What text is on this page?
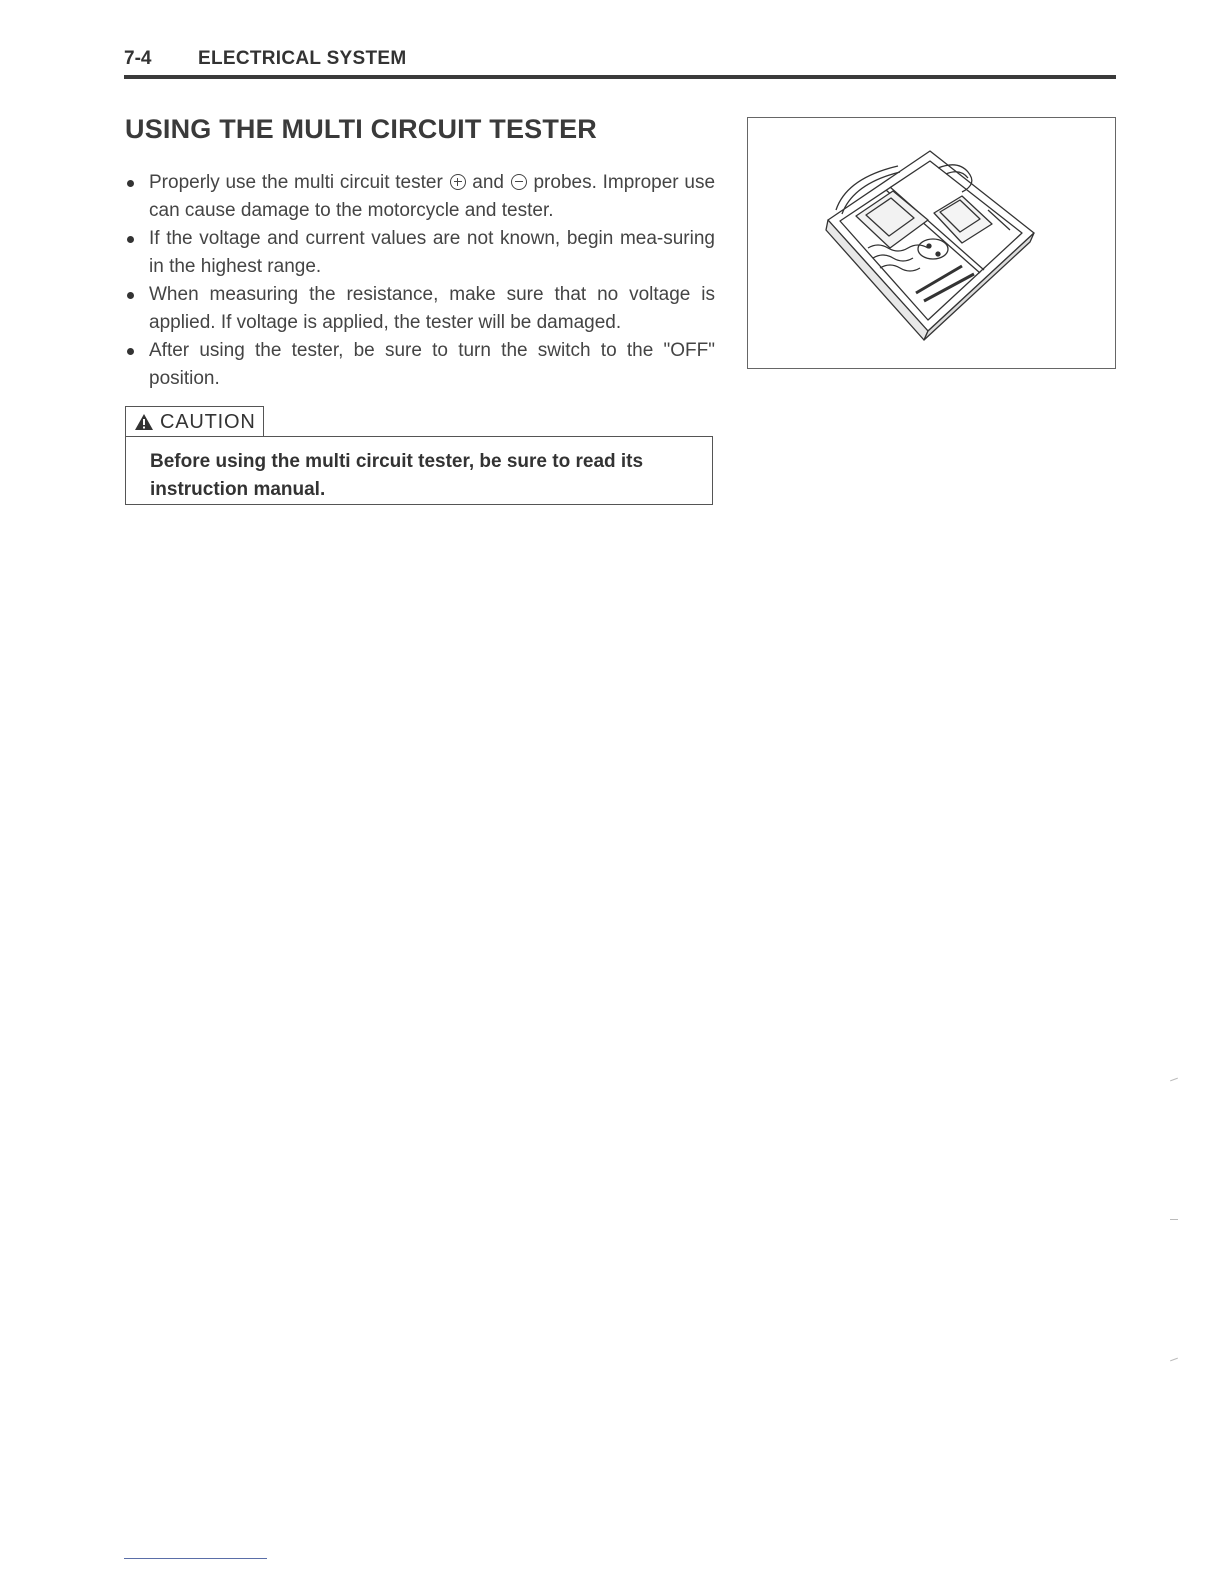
7-4 ELECTRICAL SYSTEM
USING THE MULTI CIRCUIT TESTER
Properly use the multi circuit tester and probes. Improper use can cause damage to the motorcycle and tester.
If the voltage and current values are not known, begin mea-suring in the highest range.
When measuring the resistance, make sure that no voltage is applied. If voltage is applied, the tester will be damaged.
After using the tester, be sure to turn the switch to the "OFF" position.
CAUTION
Before using the multi circuit tester, be sure to read its instruction manual.
